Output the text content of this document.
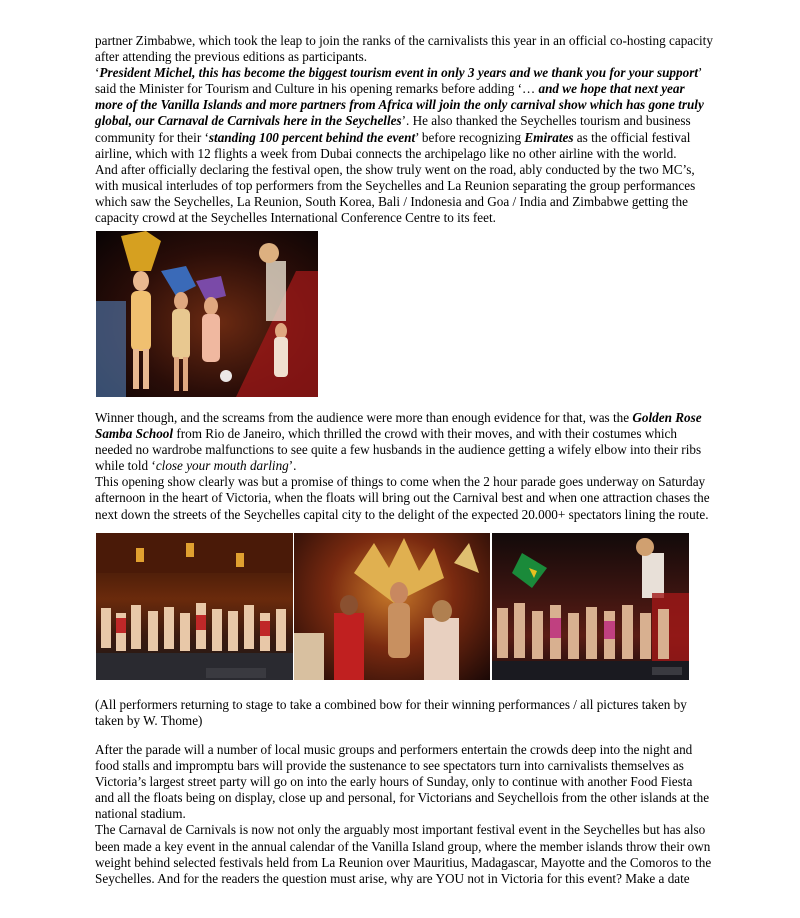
partner Zimbabwe, which took the leap to join the ranks of the carnivalists this year in an official co-hosting capacity after attending the previous editions as participants.
‘President Michel, this has become the biggest tourism event in only 3 years and we thank you for your support’ said the Minister for Tourism and Culture in his opening remarks before adding ‘… and we hope that next year more of the Vanilla Islands and more partners from Africa will join the only carnival show which has gone truly global, our Carnaval de Carnivals here in the Seychelles’. He also thanked the Seychelles tourism and business community for their ‘standing 100 percent behind the event’ before recognizing Emirates as the official festival airline, which with 12 flights a week from Dubai connects the archipelago like no other airline with the world.

And after officially declaring the festival open, the show truly went on the road, ably conducted by the two MC’s, with musical interludes of top performers from the Seychelles and La Reunion separating the group performances which saw the Seychelles, La Reunion, South Korea, Bali / Indonesia and Goa / India and Zimbabwe getting the capacity crowd at the Seychelles International Conference Centre to its feet.

Winner though, and the screams from the audience were more than enough evidence for that, was the Golden Rose Samba School from Rio de Janeiro, which thrilled the crowd with their moves, and with their costumes which needed no wardrobe malfunctions to see quite a few husbands in the audience getting a wifely elbow into their ribs while told ‘close your mouth darling’.

This opening show clearly was but a promise of things to come when the 2 hour parade goes underway on Saturday afternoon in the heart of Victoria, when the floats will bring out the Carnival best and when one attraction chases the next down the streets of the Seychelles capital city to the delight of the expected 20.000+ spectators lining the route.

(All performers returning to stage to take a combined bow for their winning performances / all pictures taken by taken by W. Thome)

After the parade will a number of local music groups and performers entertain the crowds deep into the night and food stalls and impromptu bars will provide the sustenance to see spectators turn into carnivalists themselves as Victoria’s largest street party will go on into the early hours of Sunday, only to continue with another Food Fiesta and all the floats being on display, close up and personal, for Victorians and Seychellois from the other islands at the national stadium.

The Carnaval de Carnivals is now not only the arguably most important festival event in the Seychelles but has also been made a key event in the annual calendar of the Vanilla Island group, where the member islands throw their own weight behind selected festivals held from La Reunion over Mauritius, Madagascar, Mayotte and the Comoros to the Seychelles. And for the readers the question must arise, why are YOU not in Victoria for this event? Make a date
